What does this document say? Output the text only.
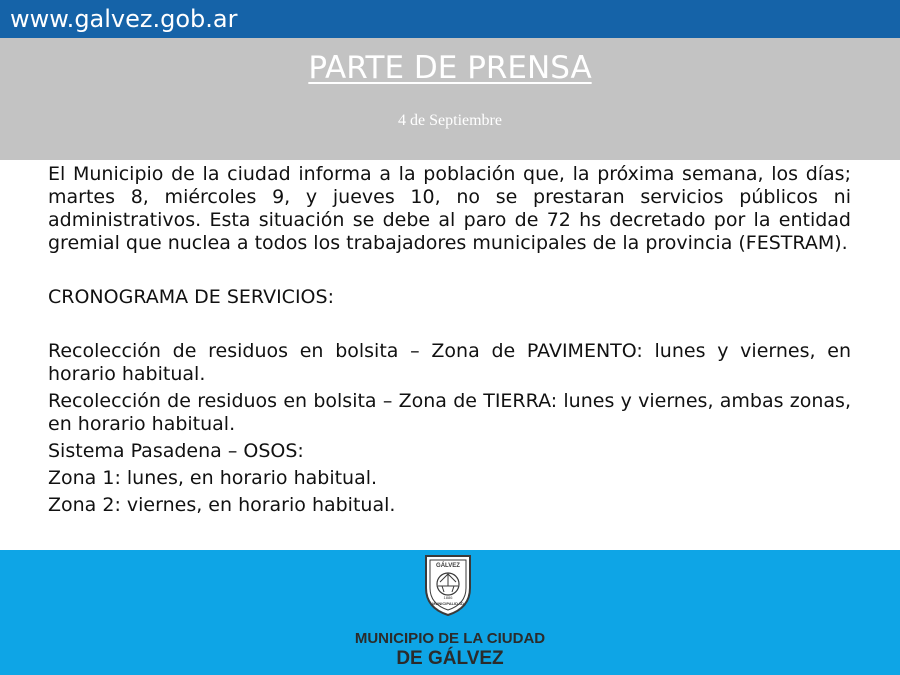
www.galvez.gob.ar
PARTE DE PRENSA
4 de Septiembre

El Municipio de la ciudad informa a la población que, la próxima semana, los días; martes 8, miércoles 9, y jueves 10, no se prestaran servicios públicos ni administrativos. Esta situación se debe al paro de 72 hs decretado por la entidad gremial que nuclea a todos los trabajadores municipales de la provincia (FESTRAM).

CRONOGRAMA DE SERVICIOS:

Recolección de residuos en bolsita – Zona de PAVIMENTO: lunes y viernes, en horario habitual.

Recolección de residuos en bolsita – Zona de TIERRA: lunes y viernes, ambas zonas, en horario habitual.

Sistema Pasadena – OSOS:

Zona 1: lunes, en horario habitual.

Zona 2: viernes, en horario habitual.

GÁLVEZ
1886
MUNICIPALIDAD
MUNICIPIO DE LA CIUDAD
DE GÁLVEZ
